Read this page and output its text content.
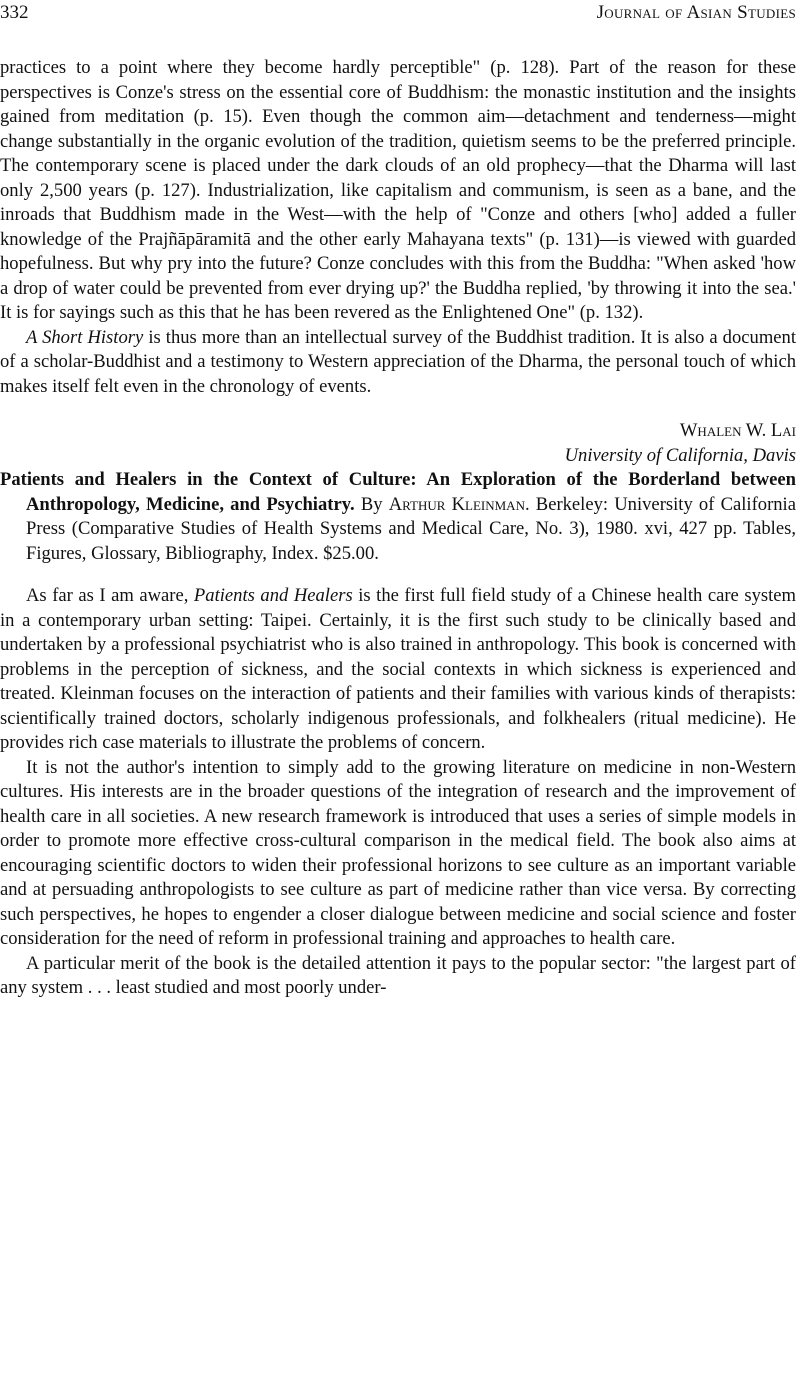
332	Journal of Asian Studies

practices to a point where they become hardly perceptible" (p. 128). Part of the reason for these perspectives is Conze's stress on the essential core of Buddhism: the monastic institution and the insights gained from meditation (p. 15). Even though the common aim—detachment and tenderness—might change substantially in the organic evolution of the tradition, quietism seems to be the preferred principle. The contemporary scene is placed under the dark clouds of an old prophecy—that the Dharma will last only 2,500 years (p. 127). Industrialization, like capitalism and communism, is seen as a bane, and the inroads that Buddhism made in the West—with the help of "Conze and others [who] added a fuller knowledge of the Prajñāpāramitā and the other early Mahayana texts" (p. 131)—is viewed with guarded hopefulness. But why pry into the future? Conze concludes with this from the Buddha: "When asked 'how a drop of water could be prevented from ever drying up?' the Buddha replied, 'by throwing it into the sea.' It is for sayings such as this that he has been revered as the Enlightened One" (p. 132).

A Short History is thus more than an intellectual survey of the Buddhist tradition. It is also a document of a scholar-Buddhist and a testimony to Western appreciation of the Dharma, the personal touch of which makes itself felt even in the chronology of events.

Whalen W. Lai
University of California, Davis

Patients and Healers in the Context of Culture: An Exploration of the Borderland between Anthropology, Medicine, and Psychiatry. By Arthur Kleinman. Berkeley: University of California Press (Comparative Studies of Health Systems and Medical Care, No. 3), 1980. xvi, 427 pp. Tables, Figures, Glossary, Bibliography, Index. $25.00.

As far as I am aware, Patients and Healers is the first full field study of a Chinese health care system in a contemporary urban setting: Taipei. Certainly, it is the first such study to be clinically based and undertaken by a professional psychiatrist who is also trained in anthropology. This book is concerned with problems in the perception of sickness, and the social contexts in which sickness is experienced and treated. Kleinman focuses on the interaction of patients and their families with various kinds of therapists: scientifically trained doctors, scholarly indigenous professionals, and folkhealers (ritual medicine). He provides rich case materials to illustrate the problems of concern.

It is not the author's intention to simply add to the growing literature on medicine in non-Western cultures. His interests are in the broader questions of the integration of research and the improvement of health care in all societies. A new research framework is introduced that uses a series of simple models in order to promote more effective cross-cultural comparison in the medical field. The book also aims at encouraging scientific doctors to widen their professional horizons to see culture as an important variable and at persuading anthropologists to see culture as part of medicine rather than vice versa. By correcting such perspectives, he hopes to engender a closer dialogue between medicine and social science and foster consideration for the need of reform in professional training and approaches to health care.

A particular merit of the book is the detailed attention it pays to the popular sector: "the largest part of any system . . . least studied and most poorly under-
